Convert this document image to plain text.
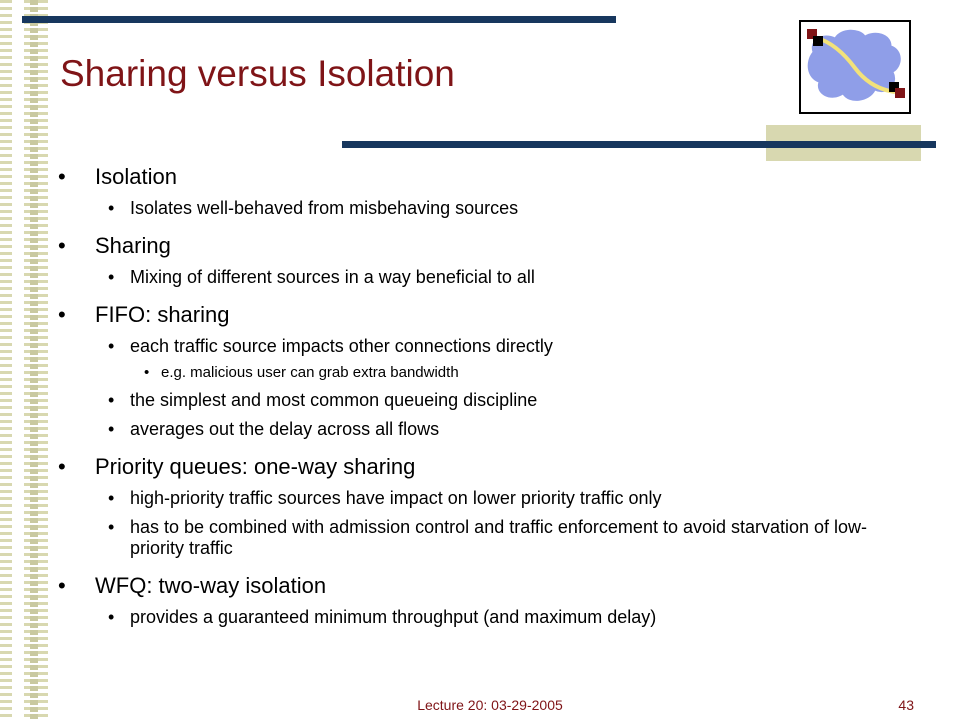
Sharing versus Isolation
• Isolation
• Isolates well-behaved from misbehaving sources
• Sharing
• Mixing of different sources in a way beneficial to all
• FIFO: sharing
• each traffic source impacts other connections directly
• e.g. malicious user can grab extra bandwidth
• the simplest and most common queueing discipline
• averages out the delay across all flows
• Priority queues: one-way sharing
• high-priority traffic sources have impact on lower priority traffic only
• has to be combined with admission control and traffic enforcement to avoid starvation of low-priority traffic
• WFQ: two-way isolation
• provides a guaranteed minimum throughput (and maximum delay)
Lecture 20: 03-29-2005	43
